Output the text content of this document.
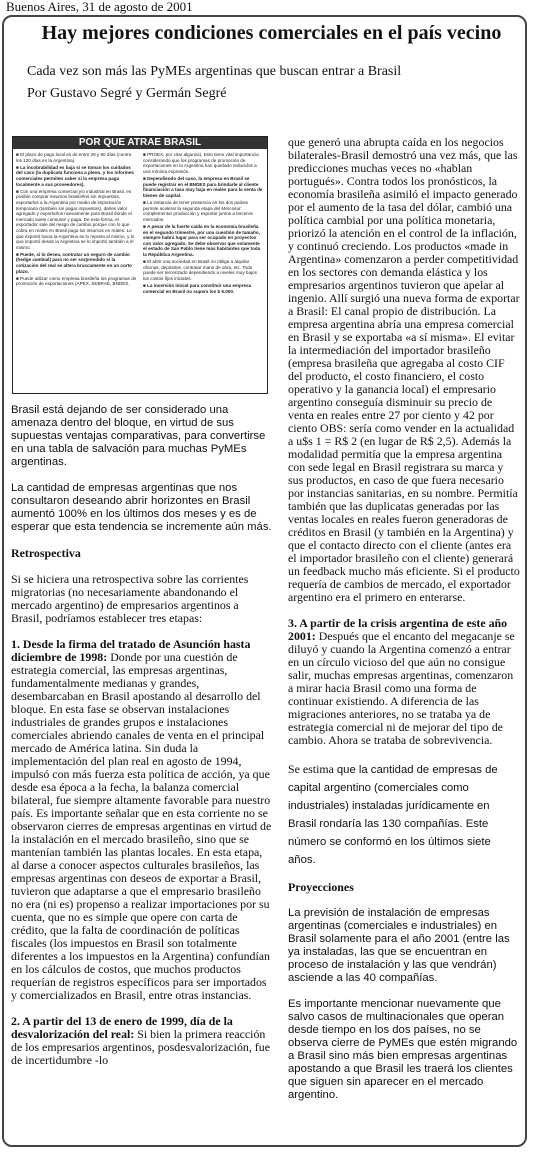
Buenos Aires, 31 de agosto de 2001
Hay mejores condiciones comerciales en el país vecino
Cada vez son más las PyMEs argentinas que buscan entrar a Brasil
Por Gustavo Segré y Germán Segré
POR QUE ATRAE BRASIL

■ El plazo de pago local es de entre 28 y 60 días (contra los 120 días en la Argentina).

■ La incobrabilidad es baja si se toman los cuidados del caso (la duplicata funciona a pleno, y los informes comerciales permiten saber si la empresa paga localmente a sus proveedores).

■ Con una empresa comercial y/o industrial en Brasil, es posible comprar insumos brasileños sin impuestos, exportarlos a la Argentina por medio de importación temporaria (también sin pagar impuestos), darles valor agregado y exportarlos nuevamente para Brasil donde el mercado suele consumir y paga. De esta forma, el exportador sale del riesgo de cambio porque con lo que cobra en reales en Brasil paga los insumos en reales. Lo que exportó hacia la Argentina se lo reporta al mismo, y lo que importó desde la Argentina se lo importó también a él mismo.

■ Puede, si lo desea, contratar un seguro de cambio (hedge cambial) para no ser sorprendido si la cotización del real se altera bruscamente en un corto plazo.

■ Puede utilizar como empresa brasileña los programas de promoción de exportaciones (APEX, SEBRAE, BNDES,

■ PROEX, por citar algunos). Esto tiene vital importancia considerando que los programas de promoción de exportaciones en la Argentina han quedado reducidos a una mínima expresión.

■ Dependiendo del caso, la empresa en Brasil se puede registrar en el BNDES para brindarle al cliente financiación a tasa muy baja en reales para la venta de bienes de capital.

■ La instancia de tener presencia en los dos países permite acelerar la segunda etapa del Mercosur: complementar producción y exportar juntos a terceros mercados.

■ A pesar de la fuerte caída en la economía brasileña en el segundo trimestre, por una cuestión de tamaño, siempre habrá lugar para ser ocupado en proyectos con valor agregado. Se debe observar que solamente el estado de San Pablo tiene más habitantes que toda la República Argentina.

■ El abrir una sociedad en Brasil no obliga a alquilar oficinas, depósitos, contratar mano de obra, etc. Todo puede ser tercerizado dependiendo a niveles muy bajos los costos fijos iniciales.

■ La inversión inicial para constituir una empresa comercial en Brasil no supera los $ 6.000.

Brasil está dejando de ser considerado una amenaza dentro del bloque, en virtud de sus supuestas ventajas comparativas, para convertirse en una tabla de salvación para muchas PyMEs argentinas.

La cantidad de empresas argentinas que nos consultaron deseando abrir horizontes en Brasil aumentó 100% en los últimos dos meses y es de esperar que esta tendencia se incremente aún más.

Retrospectiva

Si se hiciera una retrospectiva sobre las corrientes migratorias (no necesariamente abandonando el mercado argentino) de empresarios argentinos a Brasil, podríamos establecer tres etapas:

1. Desde la firma del tratado de Asunción hasta diciembre de 1998: Donde por una cuestión de estrategia comercial, las empresas argentinas, fundamentalmente medianas y grandes, desembarcaban en Brasil apostando al desarrollo del bloque. En esta fase se observan instalaciones industriales de grandes grupos e instalaciones comerciales abriendo canales de venta en el principal mercado de América latina. Sin duda la implementación del plan real en agosto de 1994, impulsó con más fuerza esta política de acción, ya que desde esa época a la fecha, la balanza comercial bilateral, fue siempre altamente favorable para nuestro país. Es importante señalar que en esta corriente no se observaron cierres de empresas argentinas en virtud de la instalación en el mercado brasileño, sino que se mantenían también las plantas locales. En esta etapa, al darse a conocer aspectos culturales brasileños, las empresas argentinas con deseos de exportar a Brasil, tuvieron que adaptarse a que el empresario brasileño no era (ni es) propenso a realizar importaciones por su cuenta, que no es simple que opere con carta de crédito, que la falta de coordinación de políticas fiscales (los impuestos en Brasil son totalmente diferentes a los impuestos en la Argentina) confundían en los cálculos de costos, que muchos productos requerían de registros específicos para ser importados y comercializados en Brasil, entre otras instancias.

2. A partir del 13 de enero de 1999, día de la desvalorización del real: Si bien la primera reacción de los empresarios argentinos, posdesvalorización, fue de incertidumbre -lo

que generó una abrupta caída en los negocios bilaterales-Brasil demostró una vez más, que las predicciones muchas veces no «hablan portugués». Contra todos los pronósticos, la economía brasileña asimiló el impacto generado por el aumento de la tasa del dólar, cambió una política cambial por una política monetaria, priorizó la atención en el control de la inflación, y continuó creciendo. Los productos «made in Argentina» comenzaron a perder competitividad en los sectores con demanda elástica y los empresarios argentinos tuvieron que apelar al ingenio. Allí surgió una nueva forma de exportar a Brasil: El canal propio de distribución. La empresa argentina abría una empresa comercial en Brasil y se exportaba «a sí misma». El evitar la intermediación del importador brasileño (empresa brasileña que agregaba al costo CIF del producto, el costo financiero, el costo operativo y la ganancia local) el empresario argentino conseguía disminuir su precio de venta en reales entre 27 por ciento y 42 por ciento OBS: sería como vender en la actualidad a u$s 1 = R$ 2 (en lugar de R$ 2,5). Además la modalidad permitía que la empresa argentina con sede legal en Brasil registrara su marca y sus productos, en caso de que fuera necesario por instancias sanitarias, en su nombre. Permitía también que las duplicatas generadas por las ventas locales en reales fueron generadoras de créditos en Brasil (y también en la Argentina) y que el contacto directo con el cliente (antes era el importador brasileño con el cliente) generará un feedback mucho más eficiente. Si el producto requería de cambios de mercado, el exportador argentino era el primero en enterarse.

3. A partir de la crisis argentina de este año 2001: Después que el encanto del megacanje se diluyó y cuando la Argentina comenzó a entrar en un círculo vicioso del que aún no consigue salir, muchas empresas argentinas, comenzaron a mirar hacia Brasil como una forma de continuar existiendo. A diferencia de las migraciones anteriores, no se trataba ya de estrategia comercial ni de mejorar del tipo de cambio. Ahora se trataba de sobrevivencia.

Se estima que la cantidad de empresas de capital argentino (comerciales como industriales) instaladas jurídicamente en Brasil rondaría las 130 compañías. Este número se conformó en los últimos siete años.

Proyecciones

La previsión de instalación de empresas argentinas (comerciales e industriales) en Brasil solamente para el año 2001 (entre las ya instaladas, las que se encuentran en proceso de instalación y las que vendrán) asciende a las 40 compañías.

Es importante mencionar nuevamente que salvo casos de multinacionales que operan desde tiempo en los dos países, no se observa cierre de PyMEs que estén migrando a Brasil sino más bien empresas argentinas apostando a que Brasil les traerá los clientes que siguen sin aparecer en el mercado argentino.
